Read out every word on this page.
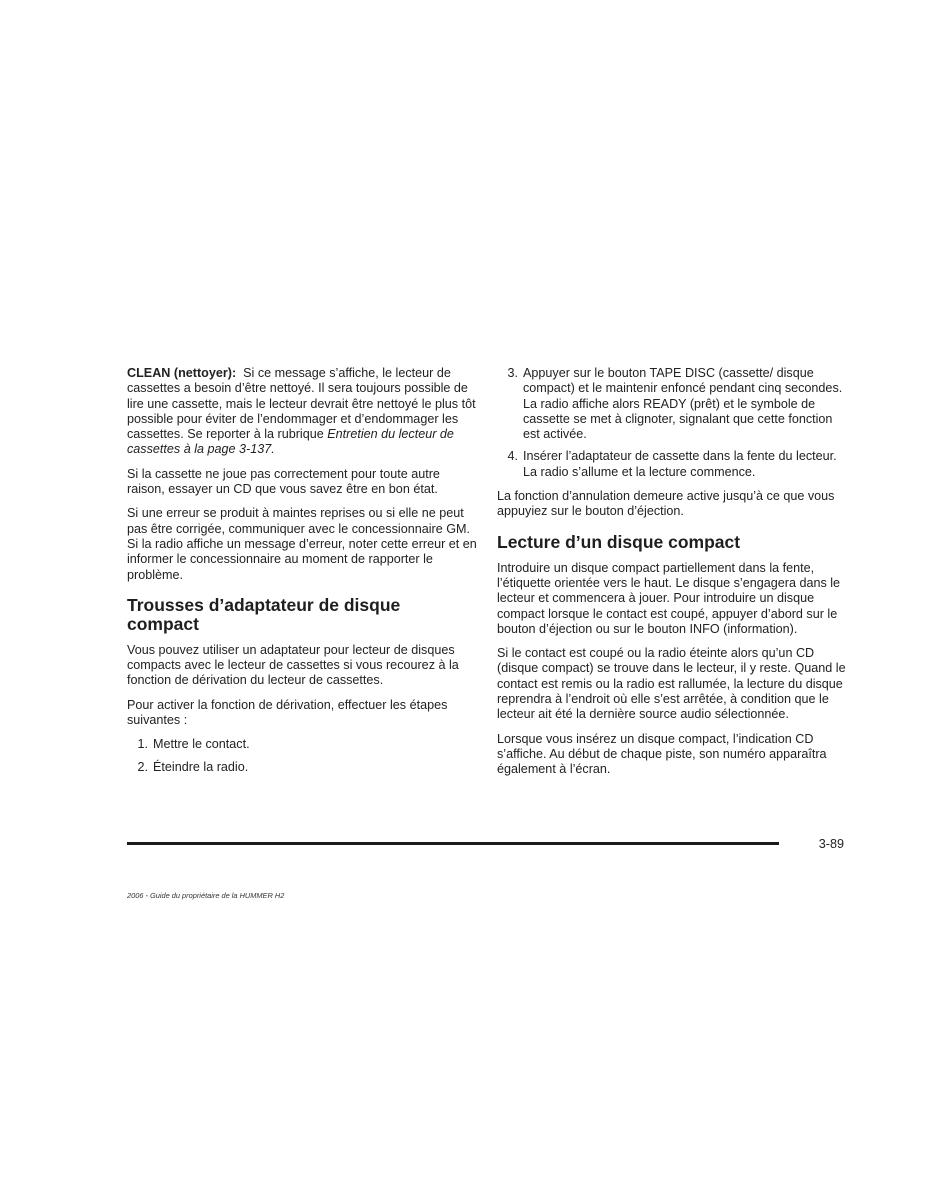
CLEAN (nettoyer): Si ce message s’affiche, le lecteur de cassettes a besoin d’être nettoyé. Il sera toujours possible de lire une cassette, mais le lecteur devrait être nettoyé le plus tôt possible pour éviter de l’endommager et d’endommager les cassettes. Se reporter à la rubrique Entretien du lecteur de cassettes à la page 3-137.

Si la cassette ne joue pas correctement pour toute autre raison, essayer un CD que vous savez être en bon état.

Si une erreur se produit à maintes reprises ou si elle ne peut pas être corrigée, communiquer avec le concessionnaire GM. Si la radio affiche un message d’erreur, noter cette erreur et en informer le concessionnaire au moment de rapporter le problème.

Trousses d’adaptateur de disque compact

Vous pouvez utiliser un adaptateur pour lecteur de disques compacts avec le lecteur de cassettes si vous recourez à la fonction de dérivation du lecteur de cassettes.

Pour activer la fonction de dérivation, effectuer les étapes suivantes :

1. Mettre le contact.
2. Éteindre la radio.
3. Appuyer sur le bouton TAPE DISC (cassette/ disque compact) et le maintenir enfoncé pendant cinq secondes. La radio affiche alors READY (prêt) et le symbole de cassette se met à clignoter, signalant que cette fonction est activée.
4. Insérer l’adaptateur de cassette dans la fente du lecteur. La radio s’allume et la lecture commence.

La fonction d’annulation demeure active jusqu’à ce que vous appuyiez sur le bouton d’éjection.

Lecture d’un disque compact

Introduire un disque compact partiellement dans la fente, l’étiquette orientée vers le haut. Le disque s’engagera dans le lecteur et commencera à jouer. Pour introduire un disque compact lorsque le contact est coupé, appuyer d’abord sur le bouton d’éjection ou sur le bouton INFO (information).

Si le contact est coupé ou la radio éteinte alors qu’un CD (disque compact) se trouve dans le lecteur, il y reste. Quand le contact est remis ou la radio est rallumée, la lecture du disque reprendra à l’endroit où elle s’est arrêtée, à condition que le lecteur ait été la dernière source audio sélectionnée.

Lorsque vous insérez un disque compact, l’indication CD s’affiche. Au début de chaque piste, son numéro apparaîtra également à l’écran.

3-89
2006 - Guide du propriétaire de la HUMMER H2
